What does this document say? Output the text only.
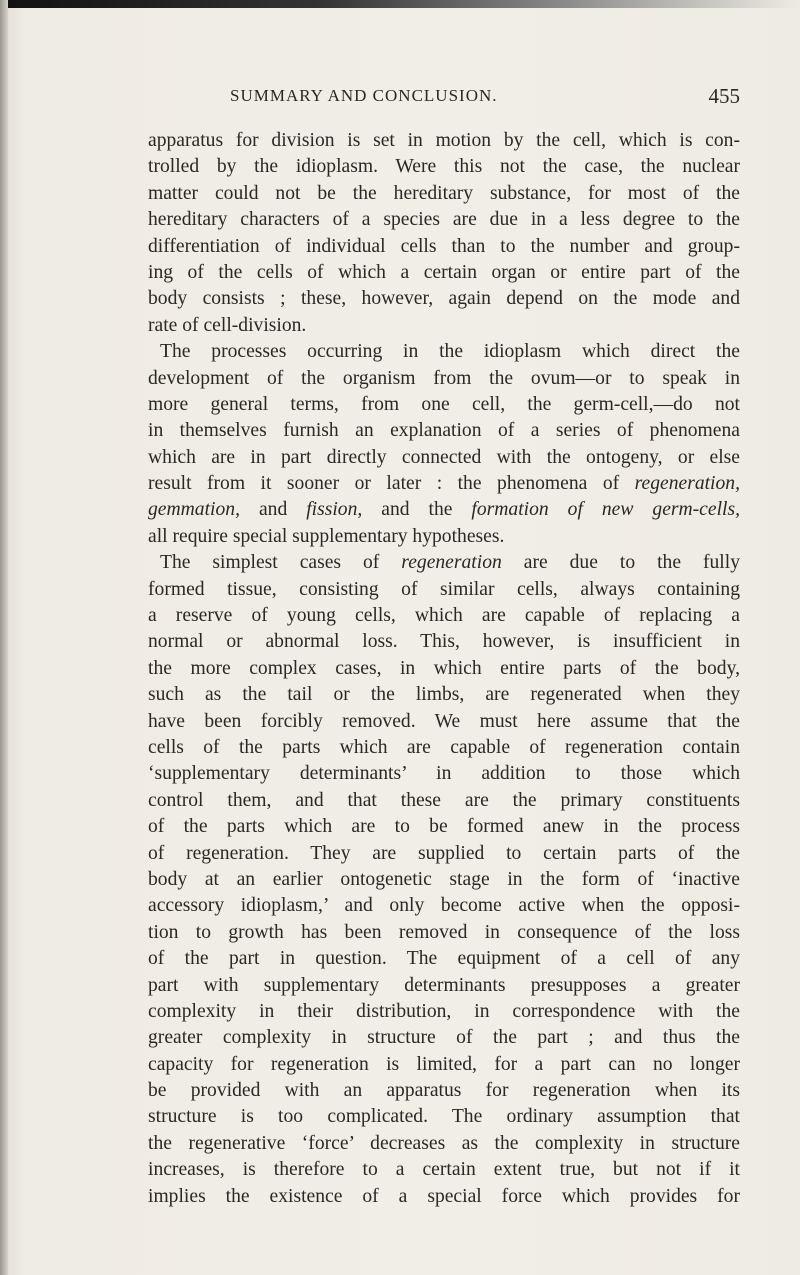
SUMMARY AND CONCLUSION.	455
apparatus for division is set in motion by the cell, which is con-
trolled by the idioplasm. Were this not the case, the nuclear
matter could not be the hereditary substance, for most of the
hereditary characters of a species are due in a less degree to the
differentiation of individual cells than to the number and group-
ing of the cells of which a certain organ or entire part of the
body consists ; these, however, again depend on the mode and
rate of cell-division.
The processes occurring in the idioplasm which direct the
development of the organism from the ovum—or to speak in
more general terms, from one cell, the germ-cell,—do not
in themselves furnish an explanation of a series of phenomena
which are in part directly connected with the ontogeny, or else
result from it sooner or later : the phenomena of regeneration,
gemmation, and fission, and the formation of new germ-cells,
all require special supplementary hypotheses.
The simplest cases of regeneration are due to the fully
formed tissue, consisting of similar cells, always containing
a reserve of young cells, which are capable of replacing a
normal or abnormal loss. This, however, is insufficient in
the more complex cases, in which entire parts of the body,
such as the tail or the limbs, are regenerated when they
have been forcibly removed. We must here assume that the
cells of the parts which are capable of regeneration contain
‘supplementary determinants’ in addition to those which
control them, and that these are the primary constituents
of the parts which are to be formed anew in the process
of regeneration. They are supplied to certain parts of the
body at an earlier ontogenetic stage in the form of ‘inactive
accessory idioplasm,’ and only become active when the opposi-
tion to growth has been removed in consequence of the loss
of the part in question. The equipment of a cell of any
part with supplementary determinants presupposes a greater
complexity in their distribution, in correspondence with the
greater complexity in structure of the part ; and thus the
capacity for regeneration is limited, for a part can no longer
be provided with an apparatus for regeneration when its
structure is too complicated. The ordinary assumption that
the regenerative ‘force’ decreases as the complexity in structure
increases, is therefore to a certain extent true, but not if it
implies the existence of a special force which provides for
